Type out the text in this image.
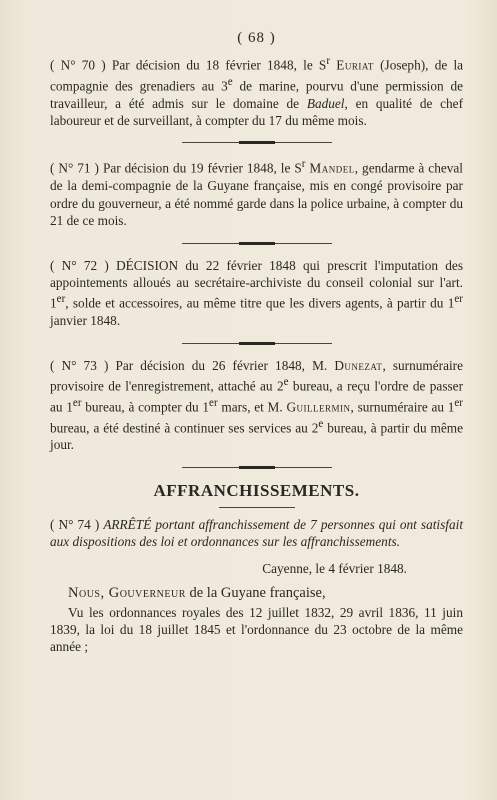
( 68 )

( N° 70 ) Par décision du 18 février 1848, le $S^r$ Euriat (Joseph), de la compagnie des grenadiers au 3e de marine, pourvu d'une permission de travailleur, a été admis sur le domaine de Baduel, en qualité de chef laboureur et de surveillant, à compter du 17 du même mois.

( N° 71 ) Par décision du 19 février 1848, le $S^r$ Mandel, gendarme à cheval de la demi-compagnie de la Guyane française, mis en congé provisoire par ordre du gouverneur, a été nommé garde dans la police urbaine, à compter du 21 de ce mois.

( N° 72 ) DÉCISION du 22 février 1848 qui prescrit l'imputation des appointements alloués au secrétaire-archiviste du conseil colonial sur l'art. 1er, solde et accessoires, au même titre que les divers agents, à partir du 1er janvier 1848.

( N° 73 ) Par décision du 26 février 1848, M. Dunezat, surnuméraire provisoire de l'enregistrement, attaché au 2e bureau, a reçu l'ordre de passer au 1er bureau, à compter du 1er mars, et M. Guillermin, surnuméraire au 1er bureau, a été destiné à continuer ses services au 2e bureau, à partir du même jour.

AFFRANCHISSEMENTS.

( N° 74 ) ARRÊTÉ portant affranchissement de 7 personnes qui ont satisfait aux dispositions des loi et ordonnances sur les affranchissements.

Cayenne, le 4 février 1848.
Nous, Gouverneur de la Guyane française,

Vu les ordonnances royales des 12 juillet 1832, 29 avril 1836, 11 juin 1839, la loi du 18 juillet 1845 et l'ordonnance du 23 octobre de la même année ;
